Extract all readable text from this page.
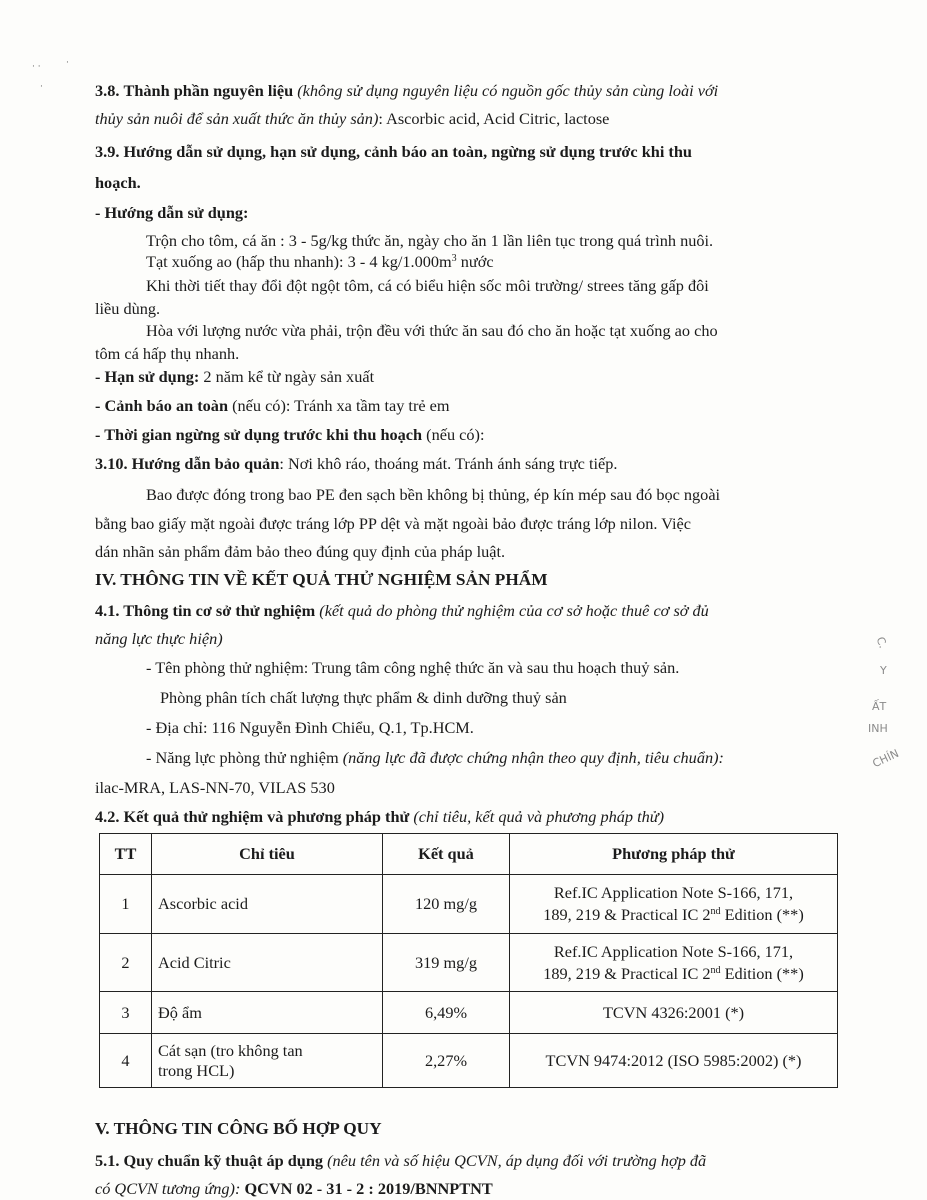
3.8. Thành phần nguyên liệu (không sử dụng nguyên liệu có nguồn gốc thủy sản cùng loài với
thủy sản nuôi để sản xuất thức ăn thủy sản): Ascorbic acid, Acid Citric, lactose
3.9. Hướng dẫn sử dụng, hạn sử dụng, cảnh báo an toàn, ngừng sử dụng trước khi thu
hoạch.
- Hướng dẫn sử dụng:
Trộn cho tôm, cá ăn : 3 - 5g/kg thức ăn, ngày cho ăn 1 lần liên tục trong quá trình nuôi.
Tạt xuống ao (hấp thu nhanh): 3 - 4 $kg/1.000m^3$ nước
Khi thời tiết thay đổi đột ngột tôm, cá có biểu hiện sốc môi trường/ strees tăng gấp đôi
liều dùng.
Hòa với lượng nước vừa phải, trộn đều với thức ăn sau đó cho ăn hoặc tạt xuống ao cho
tôm cá hấp thụ nhanh.
- Hạn sử dụng: 2 năm kể từ ngày sản xuất
- Cảnh báo an toàn (nếu có): Tránh xa tầm tay trẻ em
- Thời gian ngừng sử dụng trước khi thu hoạch (nếu có):
3.10. Hướng dẫn bảo quản: Nơi khô ráo, thoáng mát. Tránh ánh sáng trực tiếp.
Bao được đóng trong bao PE đen sạch bền không bị thủng, ép kín mép sau đó bọc ngoài
bằng bao giấy mặt ngoài được tráng lớp PP dệt và mặt ngoài bảo được tráng lớp nilon. Việc
dán nhãn sản phẩm đảm bảo theo đúng quy định của pháp luật.
IV. THÔNG TIN VỀ KẾT QUẢ THỬ NGHIỆM SẢN PHẨM
4.1. Thông tin cơ sở thử nghiệm (kết quả do phòng thử nghiệm của cơ sở hoặc thuê cơ sở đủ
năng lực thực hiện)
- Tên phòng thử nghiệm: Trung tâm công nghệ thức ăn và sau thu hoạch thuỷ sản.
Phòng phân tích chất lượng thực phẩm & dinh dưỡng thuỷ sản
- Địa chỉ: 116 Nguyễn Đình Chiểu, Q.1, Tp.HCM.
- Năng lực phòng thử nghiệm (năng lực đã được chứng nhận theo quy định, tiêu chuẩn):
ilac-MRA, LAS-NN-70, VILAS 530
4.2. Kết quả thử nghiệm và phương pháp thử (chỉ tiêu, kết quả và phương pháp thử)
TT	Chỉ tiêu	Kết quả	Phương pháp thử
1	Ascorbic acid	120 mg/g	Ref.IC Application Note S-166, 171,
189, 219 & Practical IC 2nd Edition (**)
2	Acid Citric	319 mg/g	Ref.IC Application Note S-166, 171,
189, 219 & Practical IC 2nd Edition (**)
3	Độ ẩm	6,49%	TCVN 4326:2001 (*)
4	Cát sạn (tro không tan
trong HCL)	2,27%	TCVN 9474:2012 (ISO 5985:2002) (*)
V. THÔNG TIN CÔNG BỐ HỢP QUY
5.1. Quy chuẩn kỹ thuật áp dụng (nêu tên và số hiệu QCVN, áp dụng đối với trường hợp đã
có QCVN tương ứng): QCVN 02 - 31 - 2 : 2019/BNNPTNT
C.
Y
ẤT
INH
CHÍN
· ·	·
·
